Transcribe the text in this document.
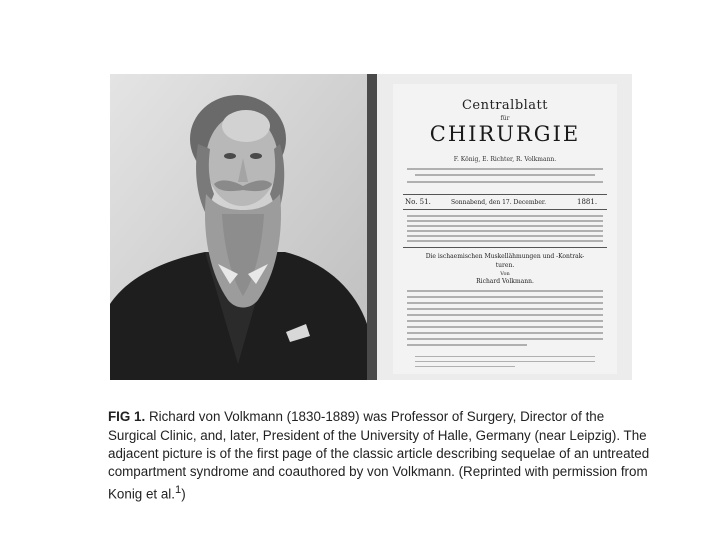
Centralblatt
für
CHIRURGIE
F. König, E. Richter, R. Volkmann.
No. 51.	Sonnabend, den 17. December.	1881.
Die ischaemischen Muskellähmungen und -Kontrak-
turen.
Von
Richard Volkmann.

FIG 1. Richard von Volkmann (1830-1889) was Professor of Surgery, Director of the Surgical Clinic, and, later, President of the University of Halle, Germany (near Leipzig). The adjacent picture is of the first page of the classic article describing sequelae of an untreated compartment syndrome and coauthored by von Volkmann. (Reprinted with permission from Konig et al.$^1$)
